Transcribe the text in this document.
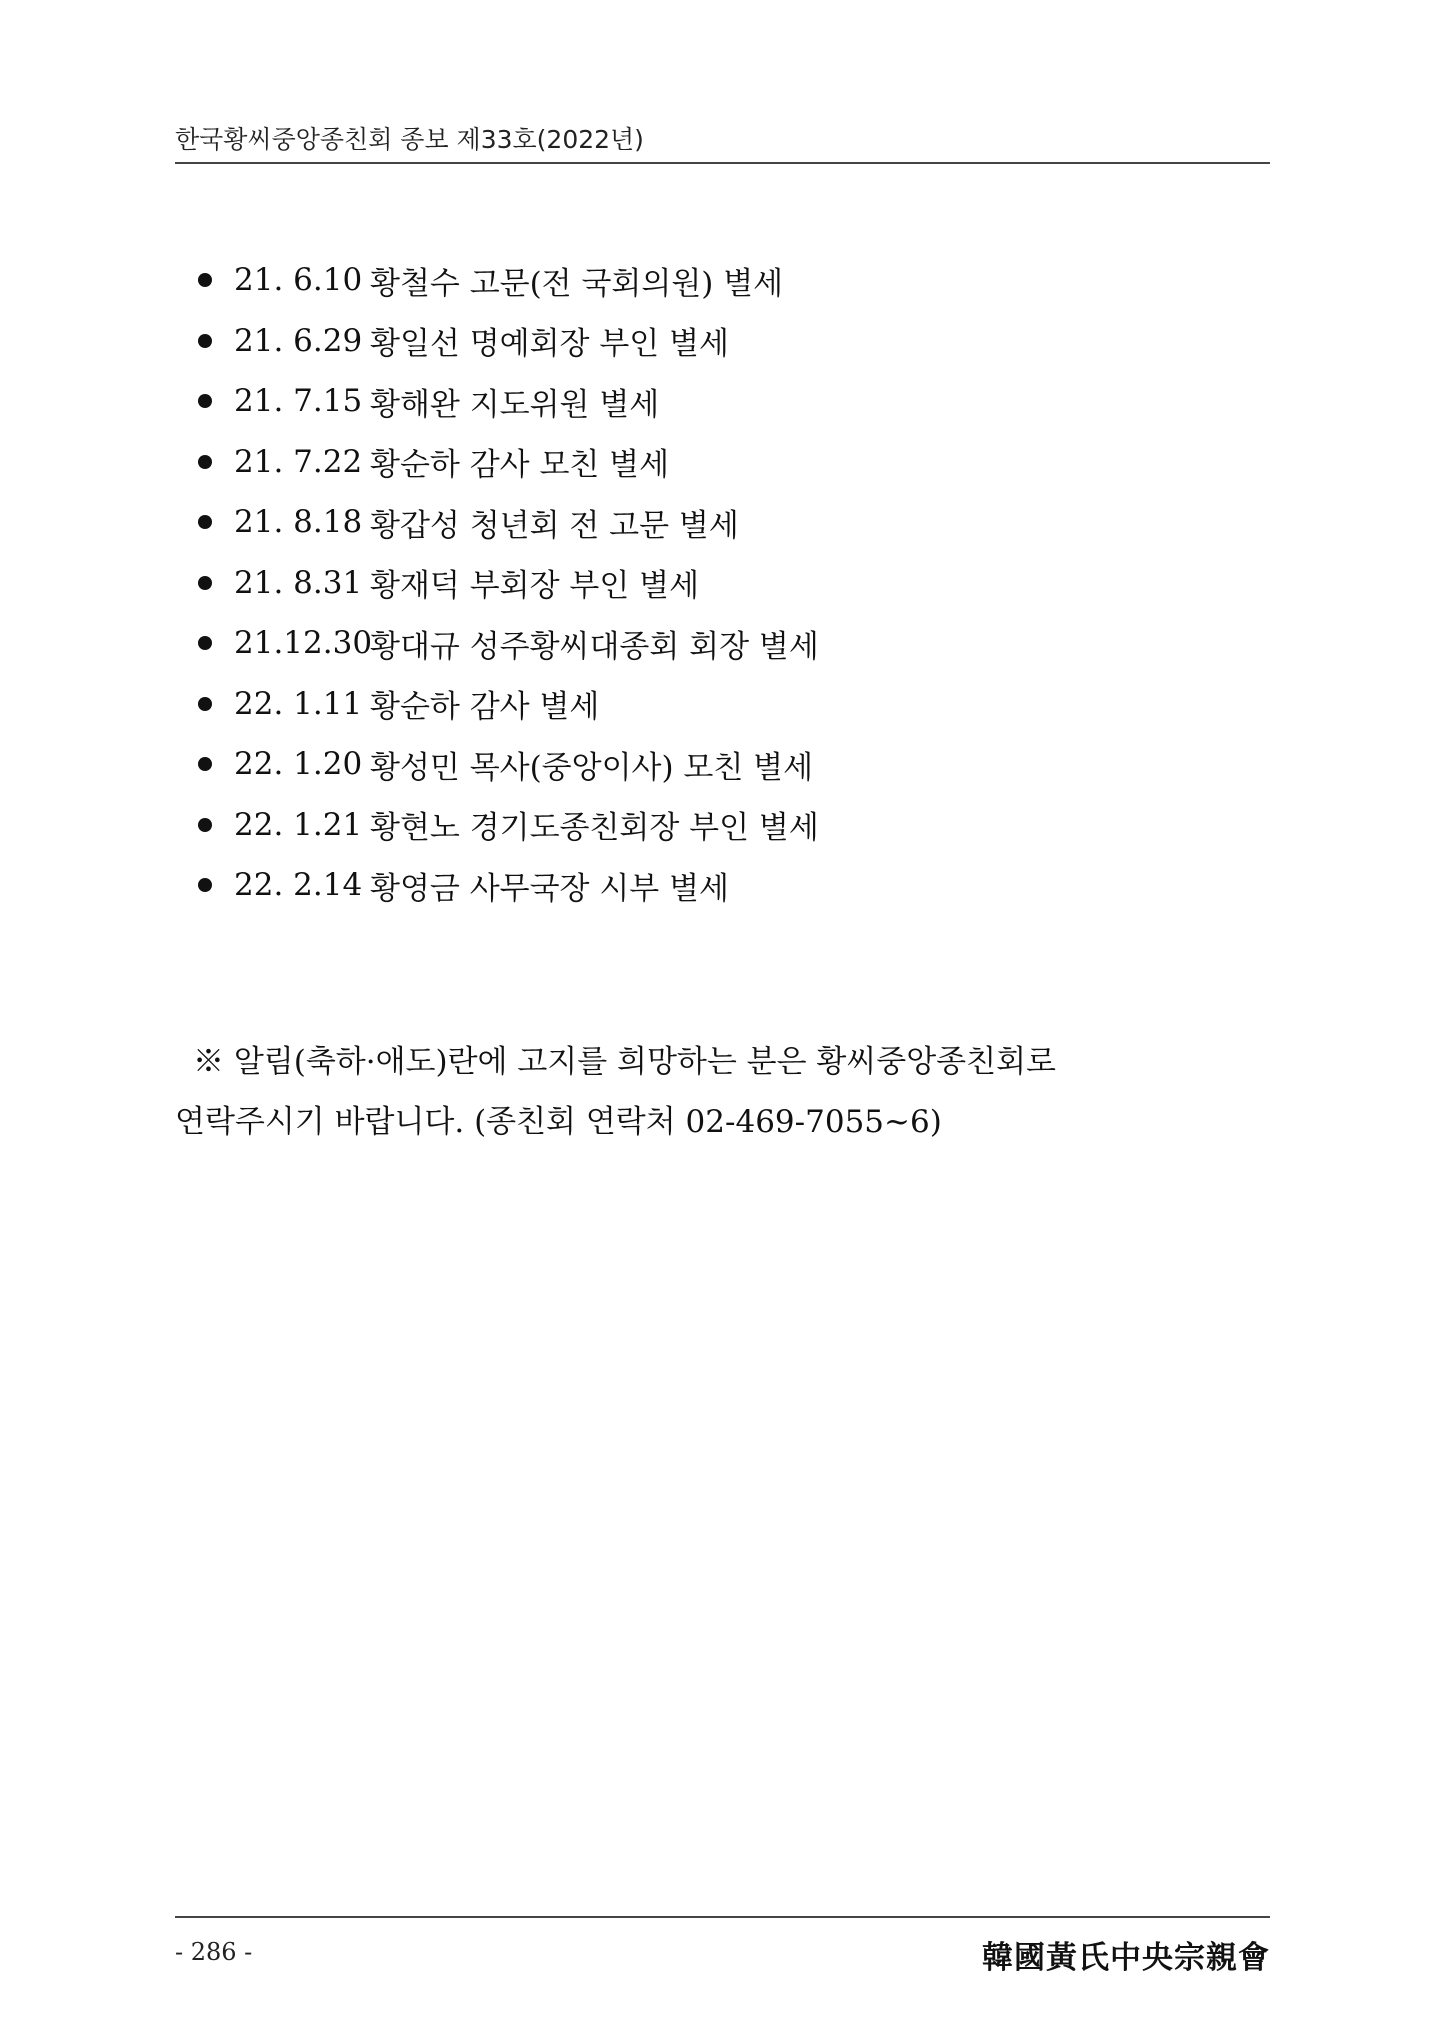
한국황씨중앙종친회 종보 제33호(2022년)
21. 6.10 황철수 고문(전 국회의원) 별세
21. 6.29 황일선 명예회장 부인 별세
21. 7.15 황해완 지도위원 별세
21. 7.22 황순하 감사 모친 별세
21. 8.18 황갑성 청년회 전 고문 별세
21. 8.31 황재덕 부회장 부인 별세
21.12.30
황대규 성주황씨대종회 회장 별세
22. 1.11 황순하 감사 별세
22. 1.20 황성민 목사(중앙이사) 모친 별세
22. 1.21 황현노 경기도종친회장 부인 별세
22. 2.14 황영금 사무국장 시부 별세
※ 알림(축하·애도)란에 고지를 희망하는 분은 황씨중앙종친회로
연락주시기 바랍니다. (종친회 연락처 02-469-7055~6)
- 286 -	韓國黃氏中央宗親會
